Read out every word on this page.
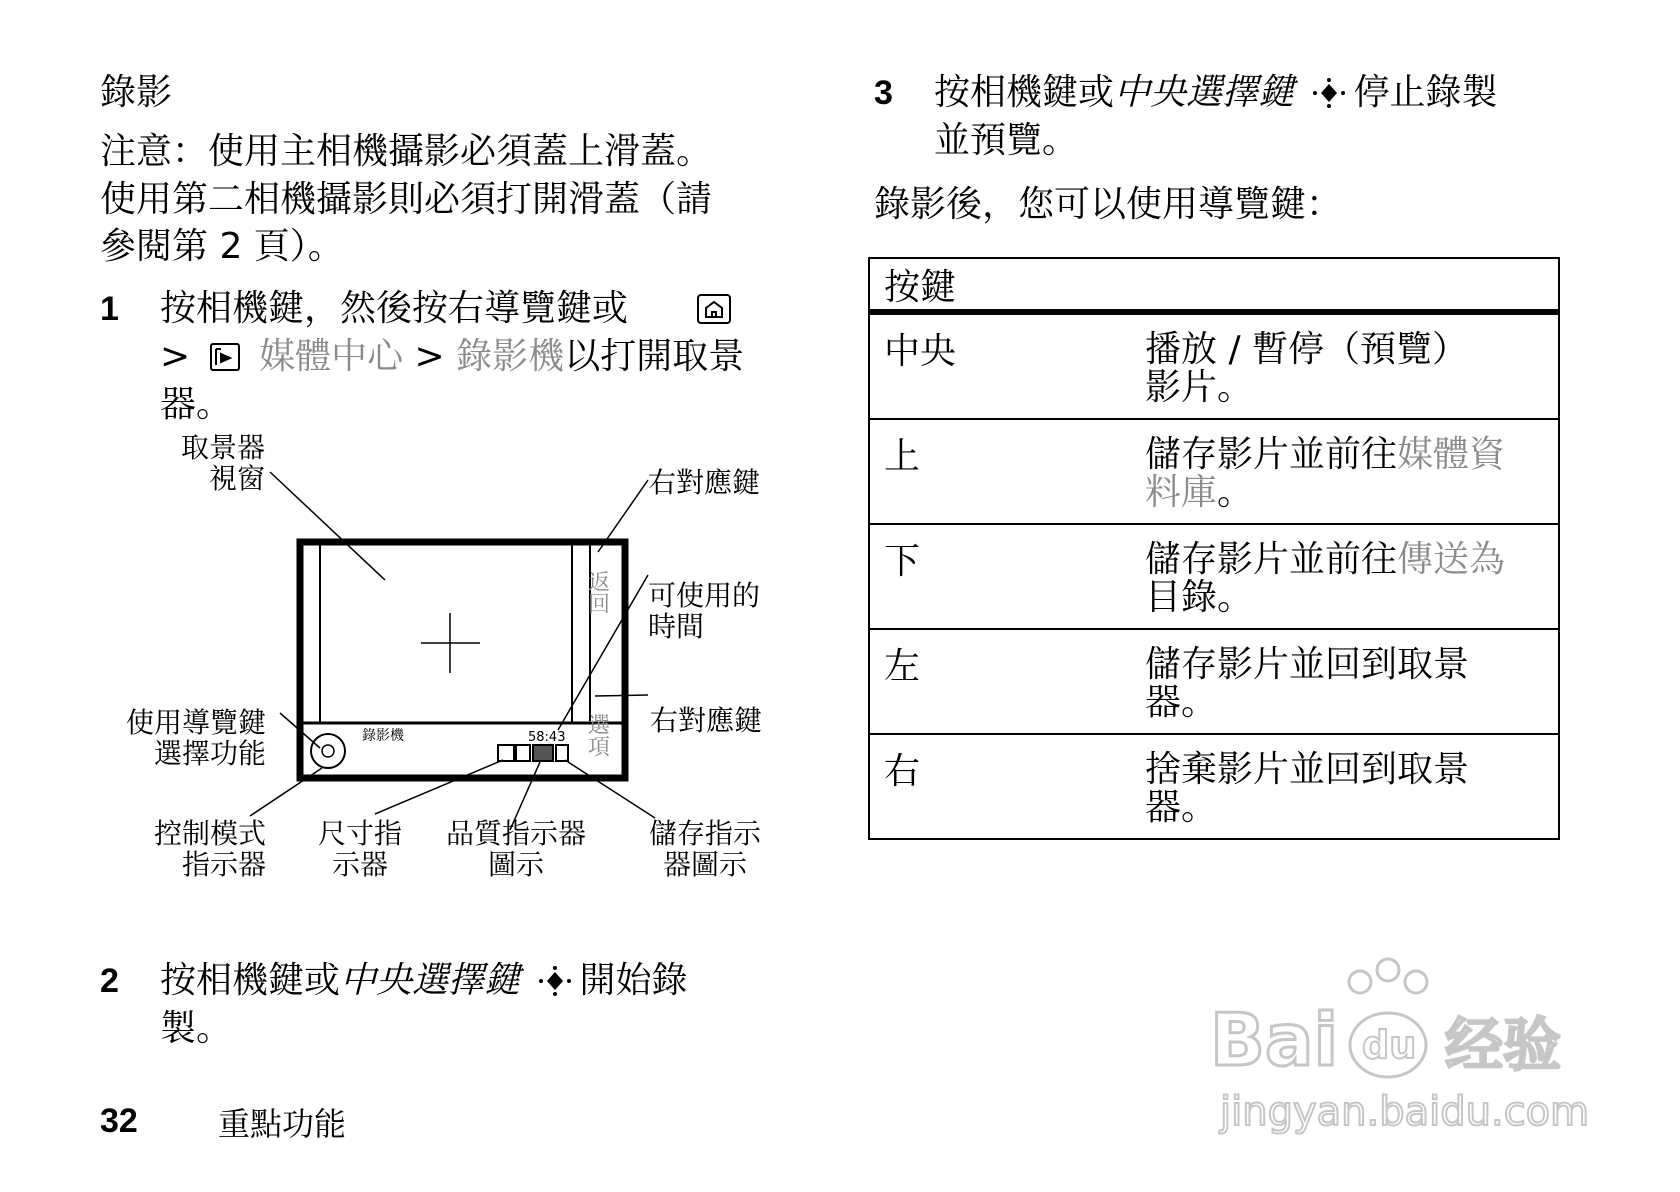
錄影
注意：使用主相機攝影必須蓋上滑蓋。
使用第二相機攝影則必須打開滑蓋（請
參閱第 2 頁）。
1 按相機鍵，然後按右導覽鍵或
> 媒體中心 > 錄影機以打開取景
器。
返回
選項
錄影機	58:43
取景器
視窗	右對應鍵
可使用的
時間
右對應鍵
使用導覽鍵
選擇功能
控制模式
指示器
尺寸指
示器
品質指示器
圖示
儲存指示
器圖示
2 按相機鍵或中央選擇鍵 開始錄
製。
32	重點功能
3 按相機鍵或中央選擇鍵 停止錄製
並預覽。
錄影後，您可以使用導覽鍵：
按鍵
中央	播放 / 暫停（預覽）
影片。
上	儲存影片並前往媒體資
料庫。
下	儲存影片並前往傳送為
目錄。
左	儲存影片並回到取景
器。
右	捨棄影片並回到取景
器。
Bai du 经验
jingyan.baidu.com
